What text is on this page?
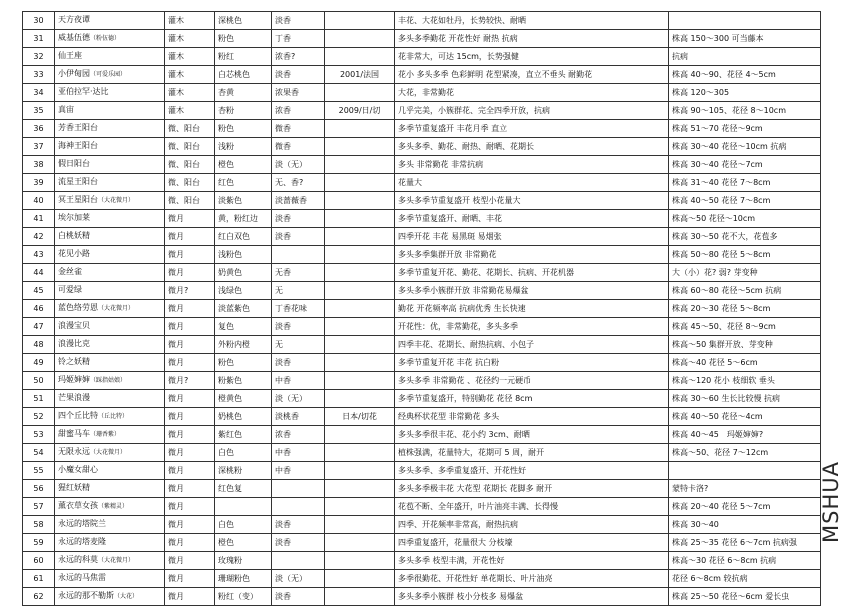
30	天方夜谭	灌木	深桃色	淡香		丰花、大花如牡丹，长势较快、耐晒	
31	威基伍德（粉伍德）	灌木	粉色	丁香		多头多季勤花 开花性好 耐热 抗病	株高 150～300 可当藤本
32	仙王座	灌木	粉红	浓香?		花非常大，可达 15cm，长势强健	抗病
33	小伊甸园（可爱乐园）	灌木	白芯桃色	淡香	2001/法国	花小 多头多季 色彩鲜明 花型紧凑，直立不垂头 耐勤花	株高 40～90、花径 4～5cm
34	亚伯拉罕·达比	灌木	杏黄	浓果香		大花，非常勤花	株高 120～305
35	真宙	灌木	杏粉	浓香	2009/日/切	几乎完美，小簇群花、完全四季开放，抗病	株高 90～105、花径 8～10cm
36	芳香王阳台	微、阳台	粉色	微香		多季节重复盛开 丰花月季 直立	株高 51～70 花径～9cm
37	海神王阳台	微、阳台	浅粉	微香		多头多季、勤花、耐热、耐晒、花期长	株高 30～40 花径～10cm 抗病
38	假日阳台	微、阳台	橙色	淡（无）		多头 非常勤花 非常抗病	株高 30～40 花径～7cm
39	流星王阳台	微、阳台	红色	无、香?		花量大	株高 31～40 花径 7～8cm
40	冥王星阳台（大花微月）	微、阳台	淡紫色	淡蔷薇香		多头多季节重复盛开 枝型小花量大	株高 40～50 花径 7～8cm
41	埃尔加莱	微月	黄，粉红边	淡香		多季节重复盛开、耐晒、丰花	株高～50 花径～10cm
42	白桃妖精	微月	红白双色	淡香		四季开花 丰花 易黑斑 易烟张	株高 30～50 花不大，花苞多
43	花见小路	微月	浅粉色			多头多季集群开放 非常勤花	株高 50～80 花径 5～8cm
44	金丝雀	微月	奶黄色	无香		多季节重复开花、勤花、花期长、抗病、开花机器	大（小）花? 弱? 芽变种
45	可爱绿	微月?	浅绿色	无		多头多季小簇群开放 非常勤花易爆盆	株高 60～80 花径～5cm 抗病
46	蓝色络劳恩（大花微月）	微月	淡蓝紫色	丁香花味		勤花 开花频率高 抗病优秀 生长快速	株高 20～30 花径 5～8cm
47	浪漫宝贝	微月	复色	淡香		开花性：优，非常勤花，多头多季	株高 45～50、花径 8～9cm
48	浪漫比克	微月	外粉内橙	无		四季丰花、花期长、耐热抗病、小包子	株高～50 集群开放、芽变种
49	铃之妖精	微月	粉色	淡香		多季节重复开花 丰花 抗白粉	株高～40 花径 5～6cm
50	玛姬婶婶（踩指姑娘）	微月?	粉紫色	中香		多头多季 非常勤花 、花径约一元硬币	株高～120 花小 枝细软 垂头
51	芒果浪漫	微月	橙黄色	淡（无）		多季节重复盛开，特别勤花 花径 8cm	株高 30～60 生长比较慢 抗病
52	四个丘比特（丘比特）	微月	奶桃色	淡桃香	日本/切花	经典杯状花型 非常勤花 多头	株高 40～50 花径～4cm
53	甜蜜马车（珊香紫）	微月	紫红色	浓香		多头多季很丰花、花小约 3cm、耐晒	株高 40～45　玛姬婶婶?
54	无限永远（大花微月）	微月	白色	中香		植株强满，花量特大，花期可 5 周，耐开	株高～50、花径 7～12cm
55	小魔女甜心	微月	深桃粉	中香		多头多季、多季重复盛开、开花性好	
56	猩红妖精	微月	红色复			多头多季极丰花 大花型 花期长 花脚多 耐开	蒙特卡洛?
57	薰衣草女孩（紫精灵）	微月				花苞不断、全年盛开，叶片油亮丰满、长得慢	株高 20～40 花径 5～7cm
58	永远的塔院兰	微月	白色	淡香		四季、开花频率非常高，耐热抗病	株高 30～40
59	永远的塔麦隆	微月	橙色	淡香		四季重复盛开，花量很大 分枝壕	株高 25～35 花径 6～7cm 抗病强
60	永远的科莫（大花微月）	微月	玫瑰粉			多头多季 枝型丰满，开花性好	株高～30 花径 6～8cm 抗病
61	永远的马焦雷	微月	珊瑚粉色	淡（无）		多季很勤花、开花性好 单花期长、叶片油亮	花径 6～8cm 较抗病
62	永远的那不勒斯（大花）	微月	粉红（变）	淡香		多头多季小簇群 枝小分枝多 易爆盆	株高 25～50 花径～6cm 爱长虫
MSHUA
